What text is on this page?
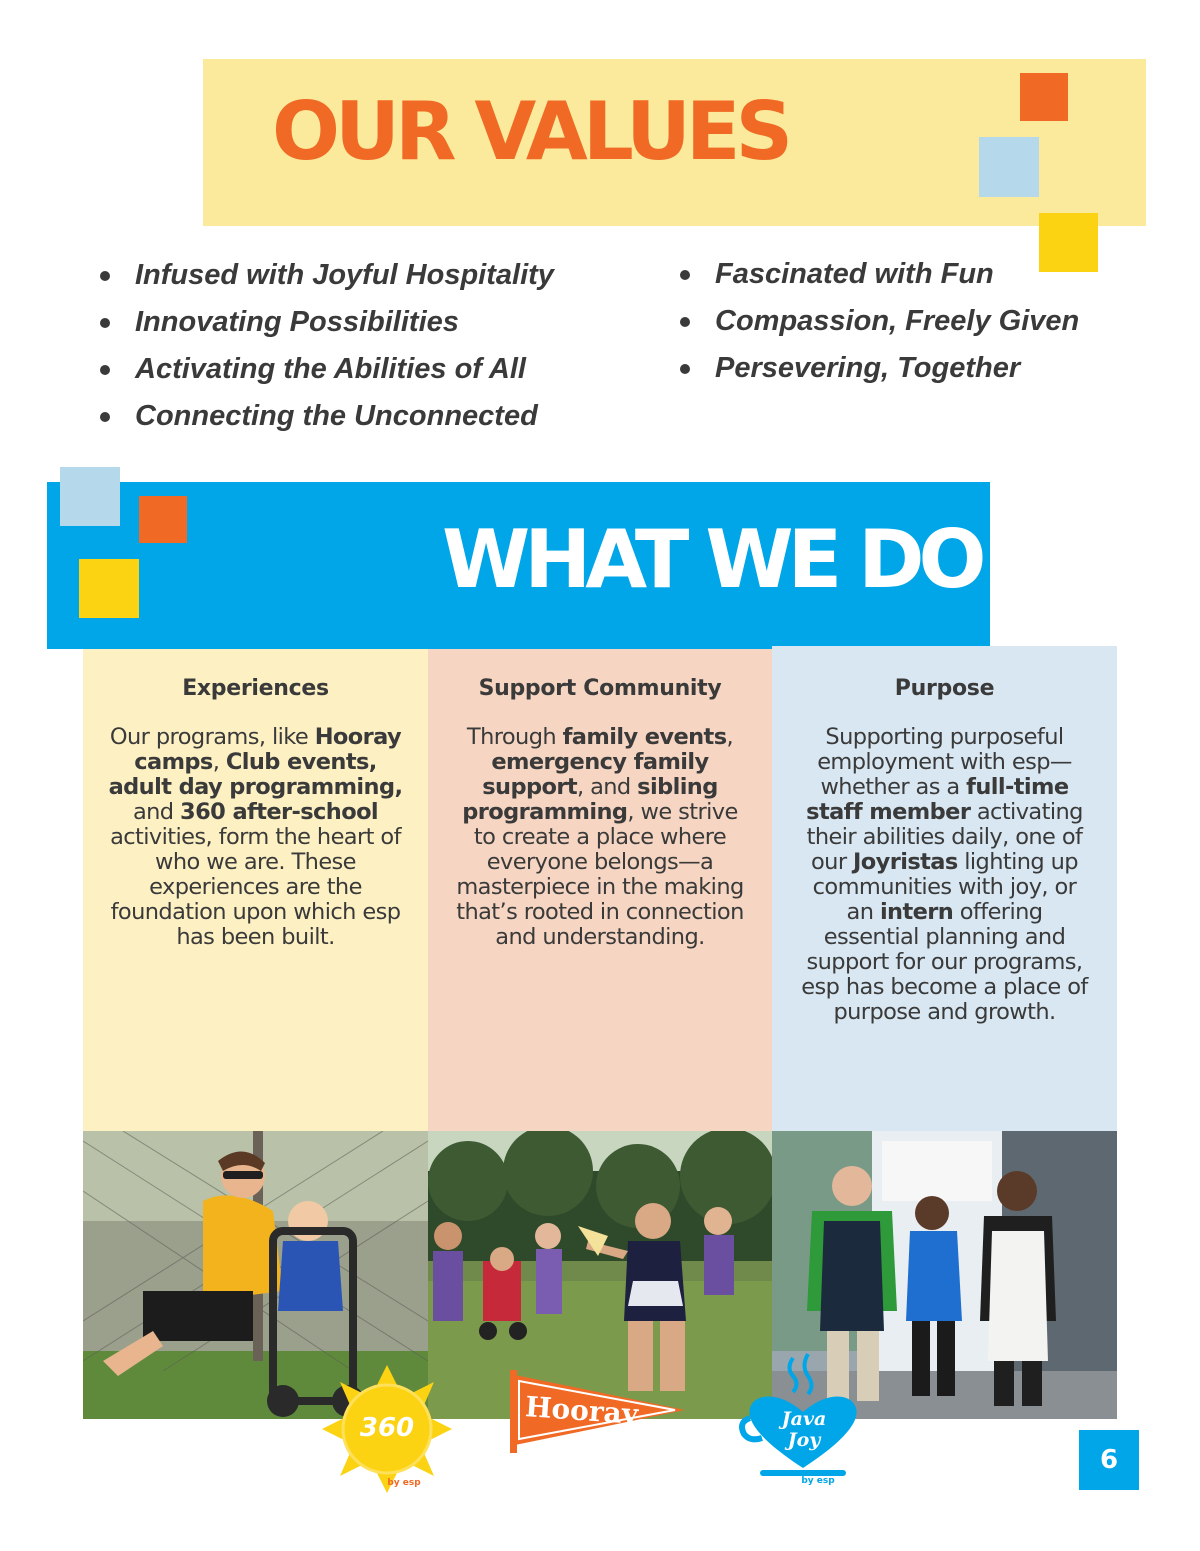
OUR VALUES
Infused with Joyful Hospitality
Innovating Possibilities
Activating the Abilities of All
Connecting the Unconnected
Fascinated with Fun
Compassion, Freely Given
Persevering, Together
WHAT WE DO
Experiences
Our programs, like Hooray camps, Club events, adult day programming, and 360 after-school activities, form the heart of who we are. These experiences are the foundation upon which esp has been built.
Support Community
Through family events, emergency family support, and sibling programming, we strive to create a place where everyone belongs—a masterpiece in the making that’s rooted in connection and understanding.
Purpose
Supporting purposeful employment with esp—whether as a full-time staff member activating their abilities daily, one of our Joyristas lighting up communities with joy, or an intern offering essential planning and support for our programs, esp has become a place of purpose and growth.
360
by esp
Hooray
by esp
Java
Joy
by esp
6
